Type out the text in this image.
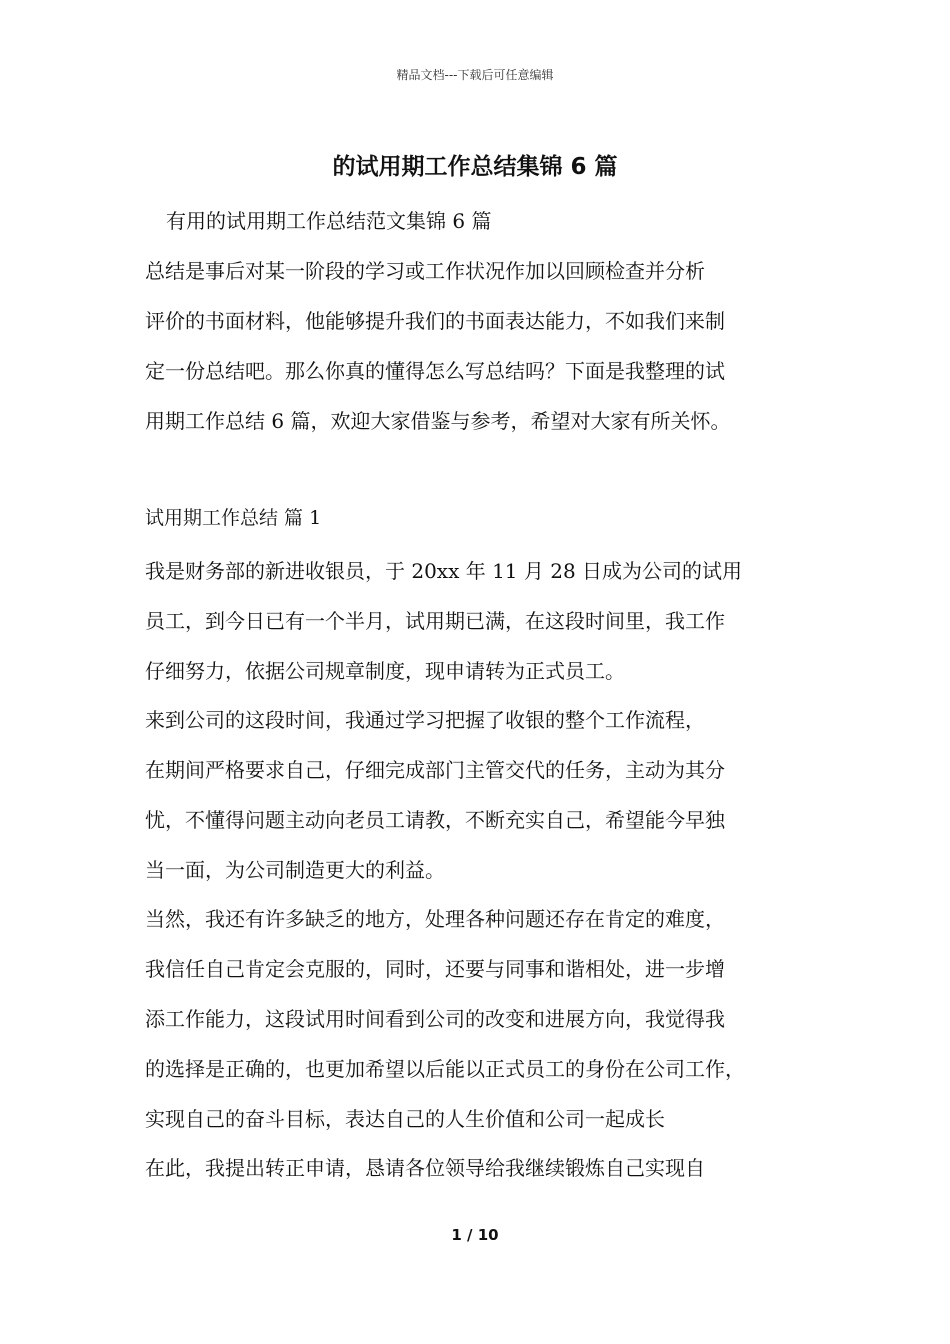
精品文档---下载后可任意编辑
的试用期工作总结集锦 6 篇
有用的试用期工作总结范文集锦 6 篇
总结是事后对某一阶段的学习或工作状况作加以回顾检查并分析
评价的书面材料，他能够提升我们的书面表达能力，不如我们来制
定一份总结吧。那么你真的懂得怎么写总结吗？下面是我整理的试
用期工作总结 6 篇，欢迎大家借鉴与参考，希望对大家有所关怀。
试用期工作总结 篇 1
我是财务部的新进收银员，于 20xx 年 11 月 28 日成为公司的试用
员工，到今日已有一个半月，试用期已满，在这段时间里，我工作
仔细努力，依据公司规章制度，现申请转为正式员工。
来到公司的这段时间，我通过学习把握了收银的整个工作流程，
在期间严格要求自己，仔细完成部门主管交代的任务，主动为其分
忧，不懂得问题主动向老员工请教，不断充实自己，希望能今早独
当一面，为公司制造更大的利益。
当然，我还有许多缺乏的地方，处理各种问题还存在肯定的难度，
我信任自己肯定会克服的，同时，还要与同事和谐相处，进一步增
添工作能力，这段试用时间看到公司的改变和进展方向，我觉得我
的选择是正确的，也更加希望以后能以正式员工的身份在公司工作，
实现自己的奋斗目标，表达自己的人生价值和公司一起成长
在此，我提出转正申请，恳请各位领导给我继续锻炼自己实现自
1 / 10
